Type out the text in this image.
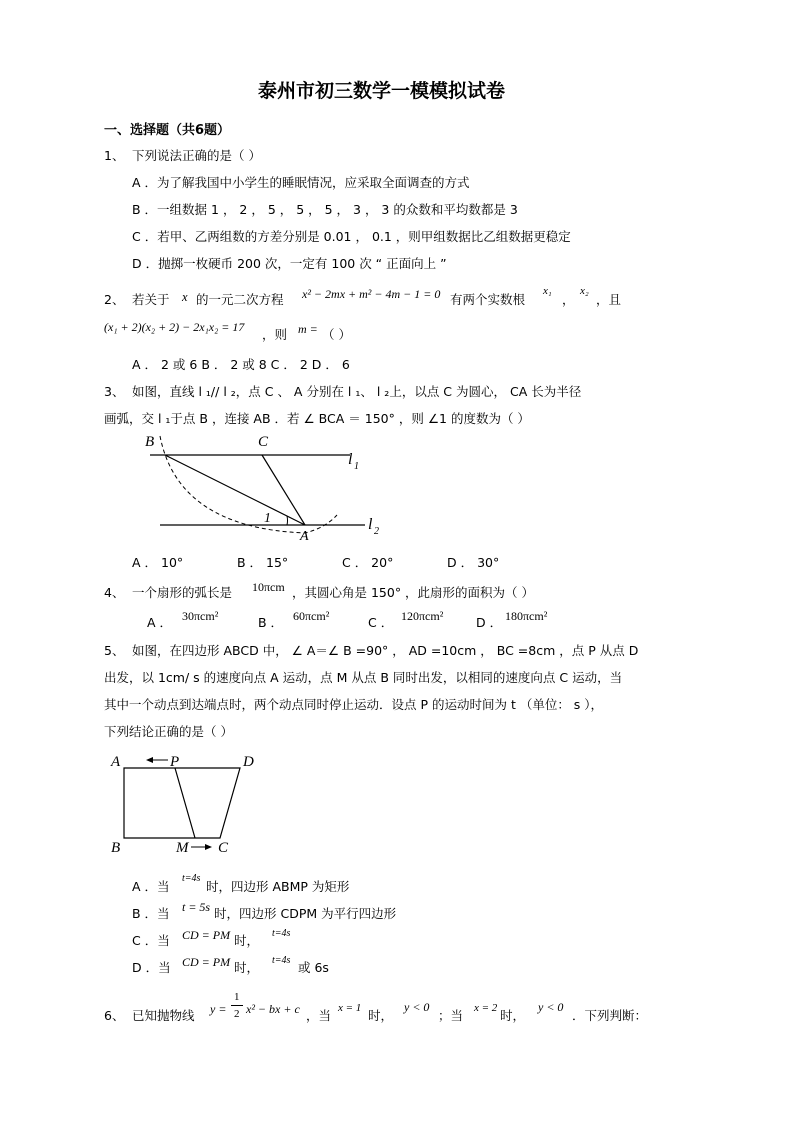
泰州市初三数学一模模拟试卷
一、选择题（共6题）
1、 下列说法正确的是（ ）
A ．为了解我国中小学生的睡眠情况，应采取全面调查的方式
B ．一组数据 1 ， 2 ， 5 ， 5 ， 5 ， 3 ， 3 的众数和平均数都是 3
C ．若甲、乙两组数的方差分别是 0.01 ， 0.1 ，则甲组数据比乙组数据更稳定
D ．抛掷一枚硬币 200 次，一定有 100 次 “ 正面向上 ”
2、 若关于 x 的一元二次方程 x² − 2mx + m² − 4m − 1 = 0 有两个实数根
x₁
，
x₂
，且
(x₁ + 2)(x₂ + 2) − 2x₁x₂ = 17 ，则 m = （ ）
A ． 2 或 6 B ． 2 或 8 C ． 2 D ． 6
3、 如图，直线 l ₁// l ₂，点 C 、 A 分别在 l ₁、 l ₂上，以点 C 为圆心， CA 长为半径
画弧，交 l ₁于点 B ，连接 AB ．若 ∠ BCA ＝ 150° ，则 ∠1 的度数为（ ）
B	C
l 1
l 2
1
A
A ． 10°	B ． 15°	C ． 20°	D ． 30°
4、 一个扇形的弧长是 10πcm ，其圆心角是 150° ，此扇形的面积为（ ）
A ． 30πcm²	B ． 60πcm²	C ． 120πcm²	D ． 180πcm²
5、 如图，在四边形 ABCD 中， ∠ A＝∠ B =90° ， AD =10cm ， BC =8cm ，点 P 从点 D
出发，以 1cm/ s 的速度向点 A 运动，点 M 从点 B 同时出发，以相同的速度向点 C 运动，当
其中一个动点到达端点时，两个动点同时停止运动．设点 P 的运动时间为 t （单位： s ），
下列结论正确的是（ ）
A	P	D
B	M C
A ．当
t=4s
时，四边形 ABMP 为矩形
B ．当 t = 5s 时，四边形 CDPM 为平行四边形
C ．当 CD = PM 时， t=4s
D ．当 CD = PM 时， t=4s 或 6s
6、 已知抛物线 y =
1
2 x² − bx + c ，当 x = 1 时，
y < 0
；当 x = 2 时，
y < 0
．下列判断：
